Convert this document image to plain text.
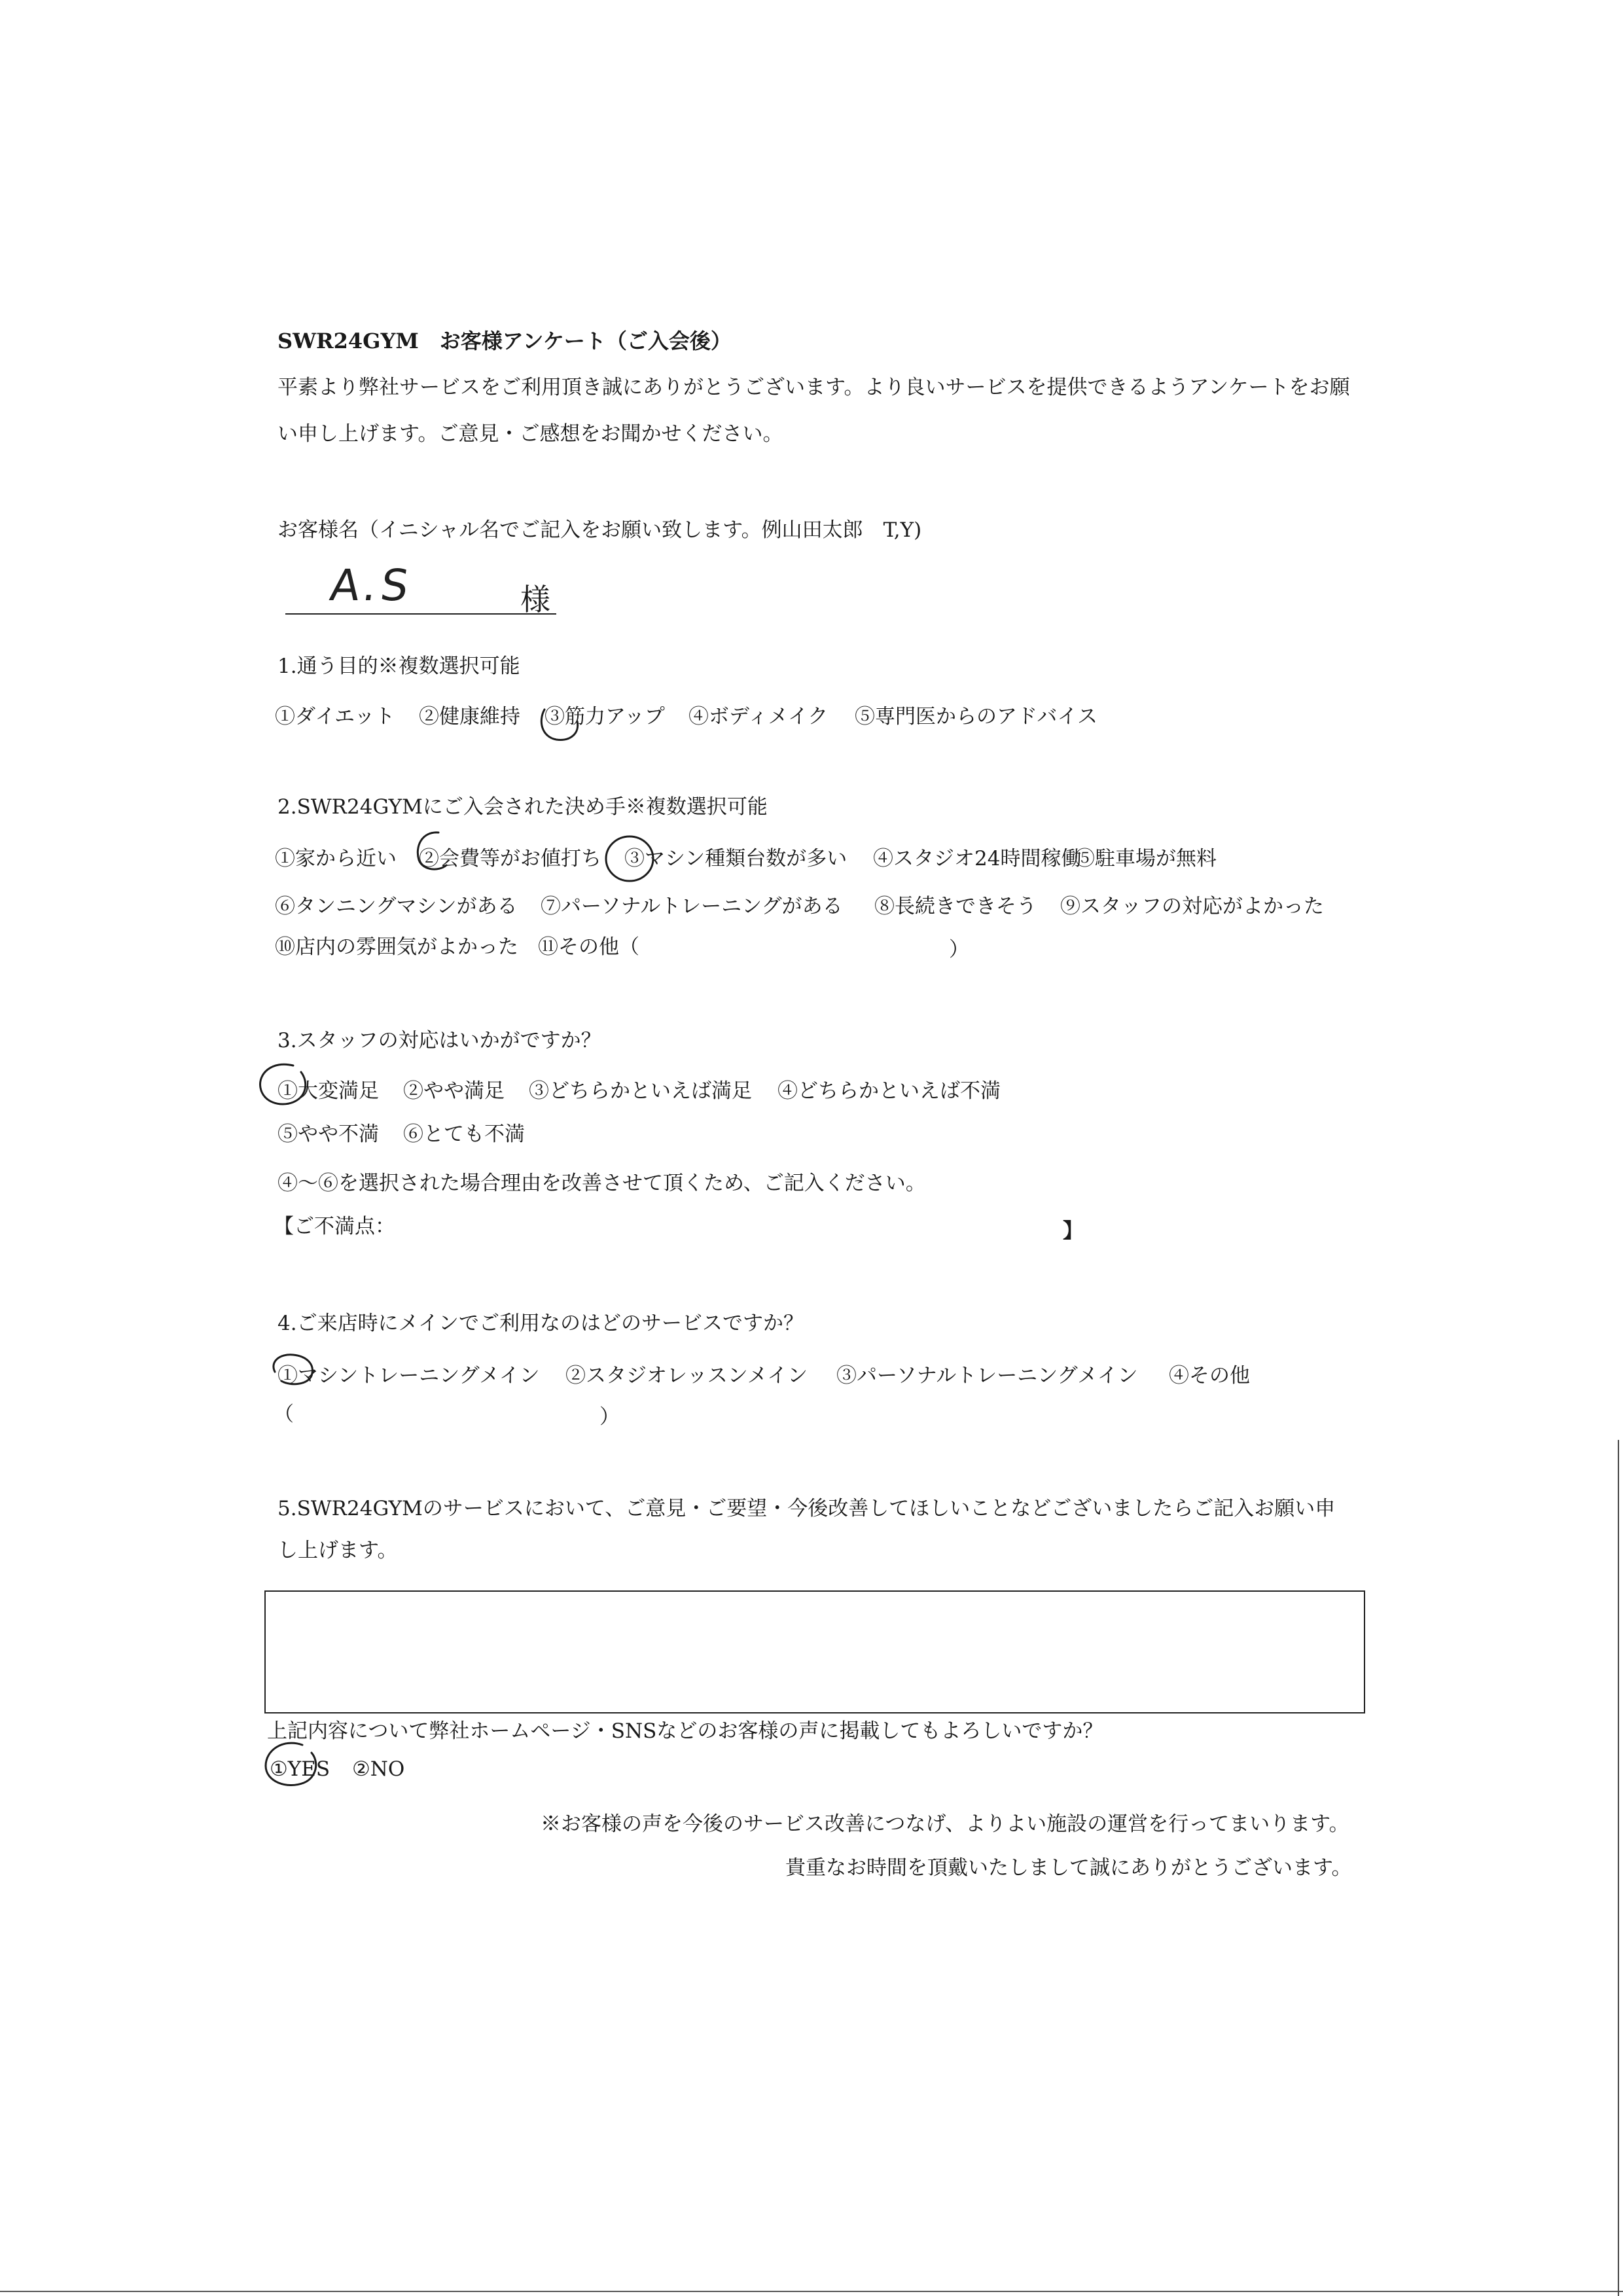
SWR24GYM　お客様アンケート（ご入会後）
平素より弊社サービスをご利用頂き誠にありがとうございます。より良いサービスを提供できるようアンケートをお願
い申し上げます。ご意見・ご感想をお聞かせください。
お客様名（イニシャル名でご記入をお願い致します。例山田太郎　T,Y)
A.S	様
1.通う目的※複数選択可能
①ダイエット ②健康維持 ③筋力アップ ④ボディメイク ⑤専門医からのアドバイス
2.SWR24GYMにご入会された決め手※複数選択可能
①家から近い ②会費等がお値打ち ③マシン種類台数が多い ④スタジオ24時間稼働
⑤駐車場が無料
⑥タンニングマシンがある ⑦パーソナルトレーニングがある ⑧長続きできそう ⑨スタッフの対応がよかった
⑩店内の雰囲気がよかった ⑪その他（	）
3.スタッフの対応はいかがですか？
①大変満足 ②やや満足 ③どちらかといえば満足 ④どちらかといえば不満
⑤やや不満 ⑥とても不満
④～⑥を選択された場合理由を改善させて頂くため、ご記入ください。
【ご不満点：	】
4.ご来店時にメインでご利用なのはどのサービスですか？
①マシントレーニングメイン ②スタジオレッスンメイン ③パーソナルトレーニングメイン ④その他
（	）
5.SWR24GYMのサービスにおいて、ご意見・ご要望・今後改善してほしいことなどございましたらご記入お願い申
し上げます。
上記内容について弊社ホームページ・SNSなどのお客様の声に掲載してもよろしいですか？
①YES ②NO
※お客様の声を今後のサービス改善につなげ、よりよい施設の運営を行ってまいります。
貴重なお時間を頂戴いたしまして誠にありがとうございます。
